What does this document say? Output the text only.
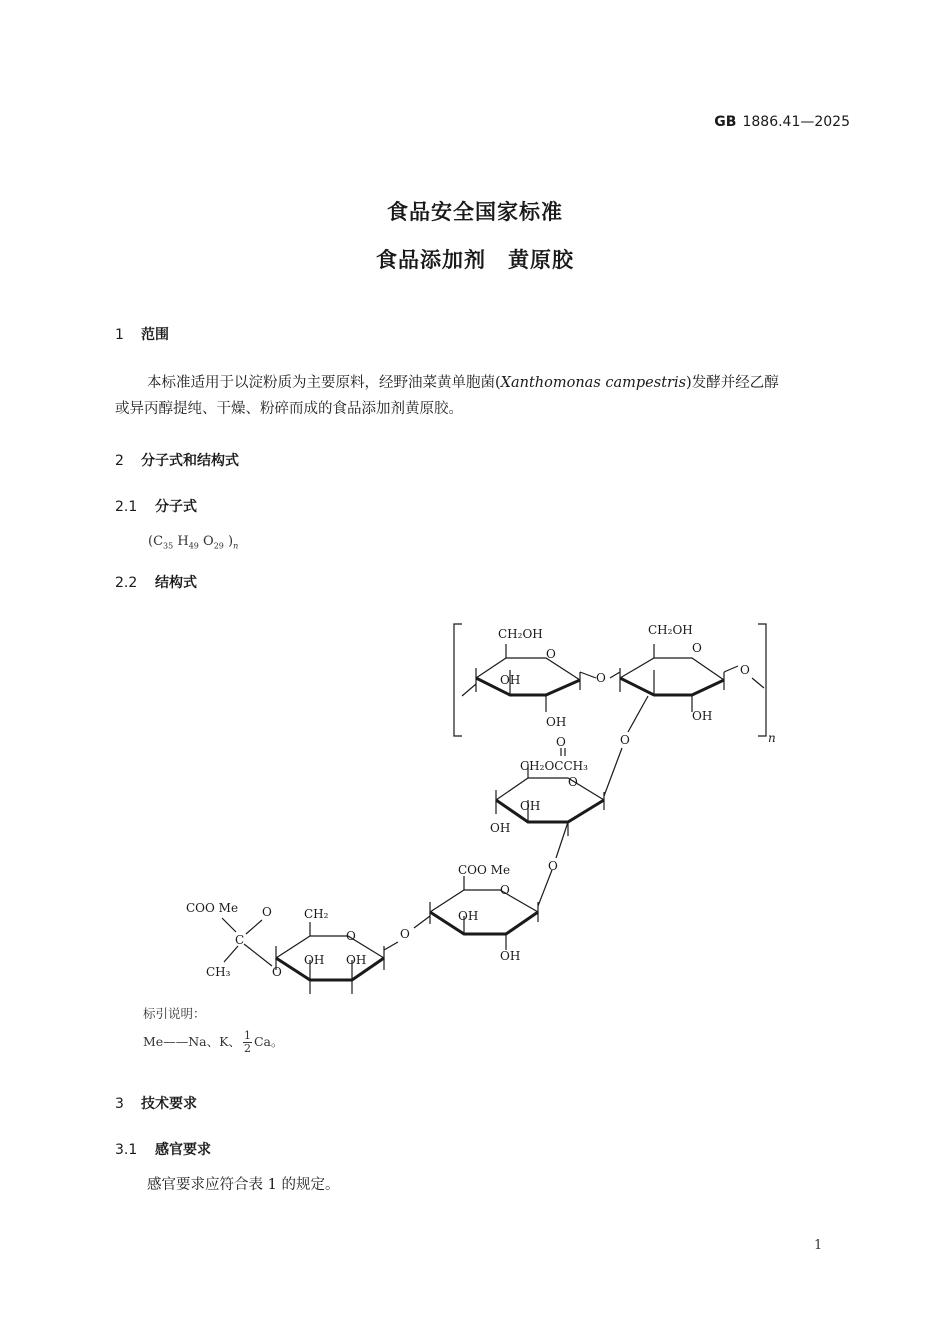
GB 1886.41—2025
食品安全国家标准
食品添加剂　黄原胶
1 范围
本标准适用于以淀粉质为主要原料，经野油菜黄单胞菌(Xanthomonas campestris)发酵并经乙醇
或异丙醇提纯、干燥、粉碎而成的食品添加剂黄原胶。
2 分子式和结构式
2.1 分子式
($C_{35}$ $H_{49}$ $O_{29}$ )$_n$
2.2 结构式
CH₂OH
O
OH
OH
O
CH₂OH
O
OH
O
n
O
O
CH₂OCCH₃
O
OH
OH
O
COO Me
O
OH
OH
O
CH₂
O
OH OH
O
COO Me O
C
CH₃
标引说明：
Me——Na、K、 $\frac{1}{2}$ Ca。
3 技术要求
3.1 感官要求
感官要求应符合表 1 的规定。
1
